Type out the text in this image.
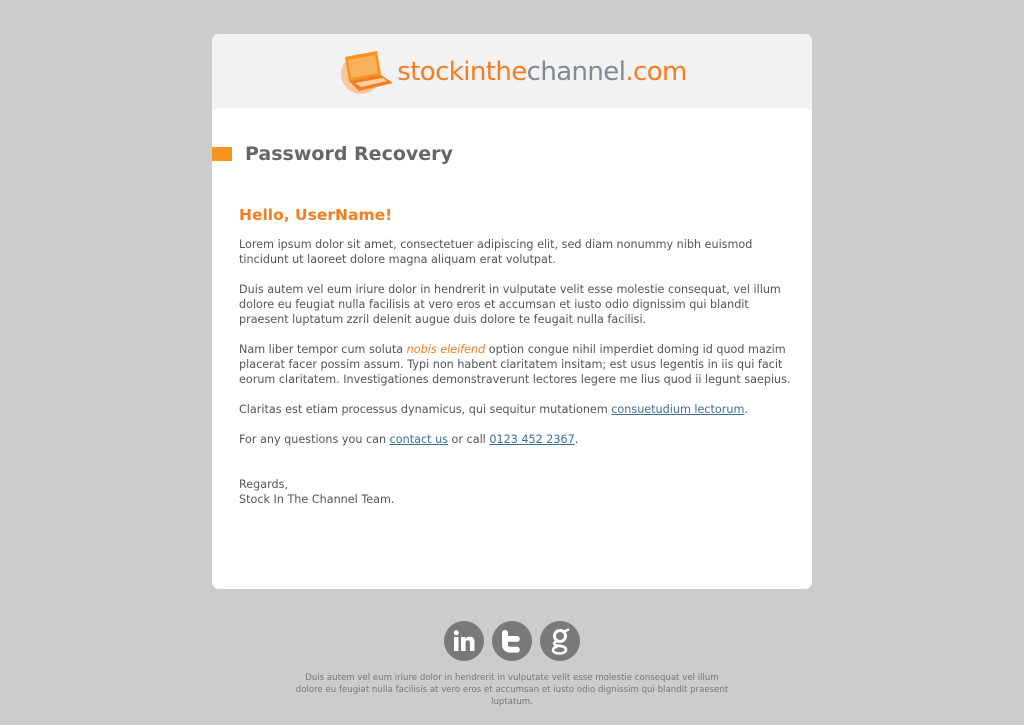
stockinthechannel.com
Password Recovery
Hello, UserName!

Lorem ipsum dolor sit amet, consectetuer adipiscing elit, sed diam nonummy nibh euismod tincidunt ut laoreet dolore magna aliquam erat volutpat.

Duis autem vel eum iriure dolor in hendrerit in vulputate velit esse molestie consequat, vel illum dolore eu feugiat nulla facilisis at vero eros et accumsan et iusto odio dignissim qui blandit praesent luptatum zzril delenit augue duis dolore te feugait nulla facilisi.

Nam liber tempor cum soluta nobis eleifend option congue nihil imperdiet doming id quod mazim placerat facer possim assum. Typi non habent claritatem insitam; est usus legentis in iis qui facit eorum claritatem. Investigationes demonstraverunt lectores legere me lius quod ii legunt saepius.

Claritas est etiam processus dynamicus, qui sequitur mutationem consuetudium lectorum.

For any questions you can contact us or call 0123 452 2367.

Regards,
Stock In The Channel Team.
Duis autem vel eum iriure dolor in hendrerit in vulputate velit esse molestie consequat vel illum dolore eu feugiat nulla facilisis at vero eros et accumsan et iusto odio dignissim qui blandit praesent luptatum.
